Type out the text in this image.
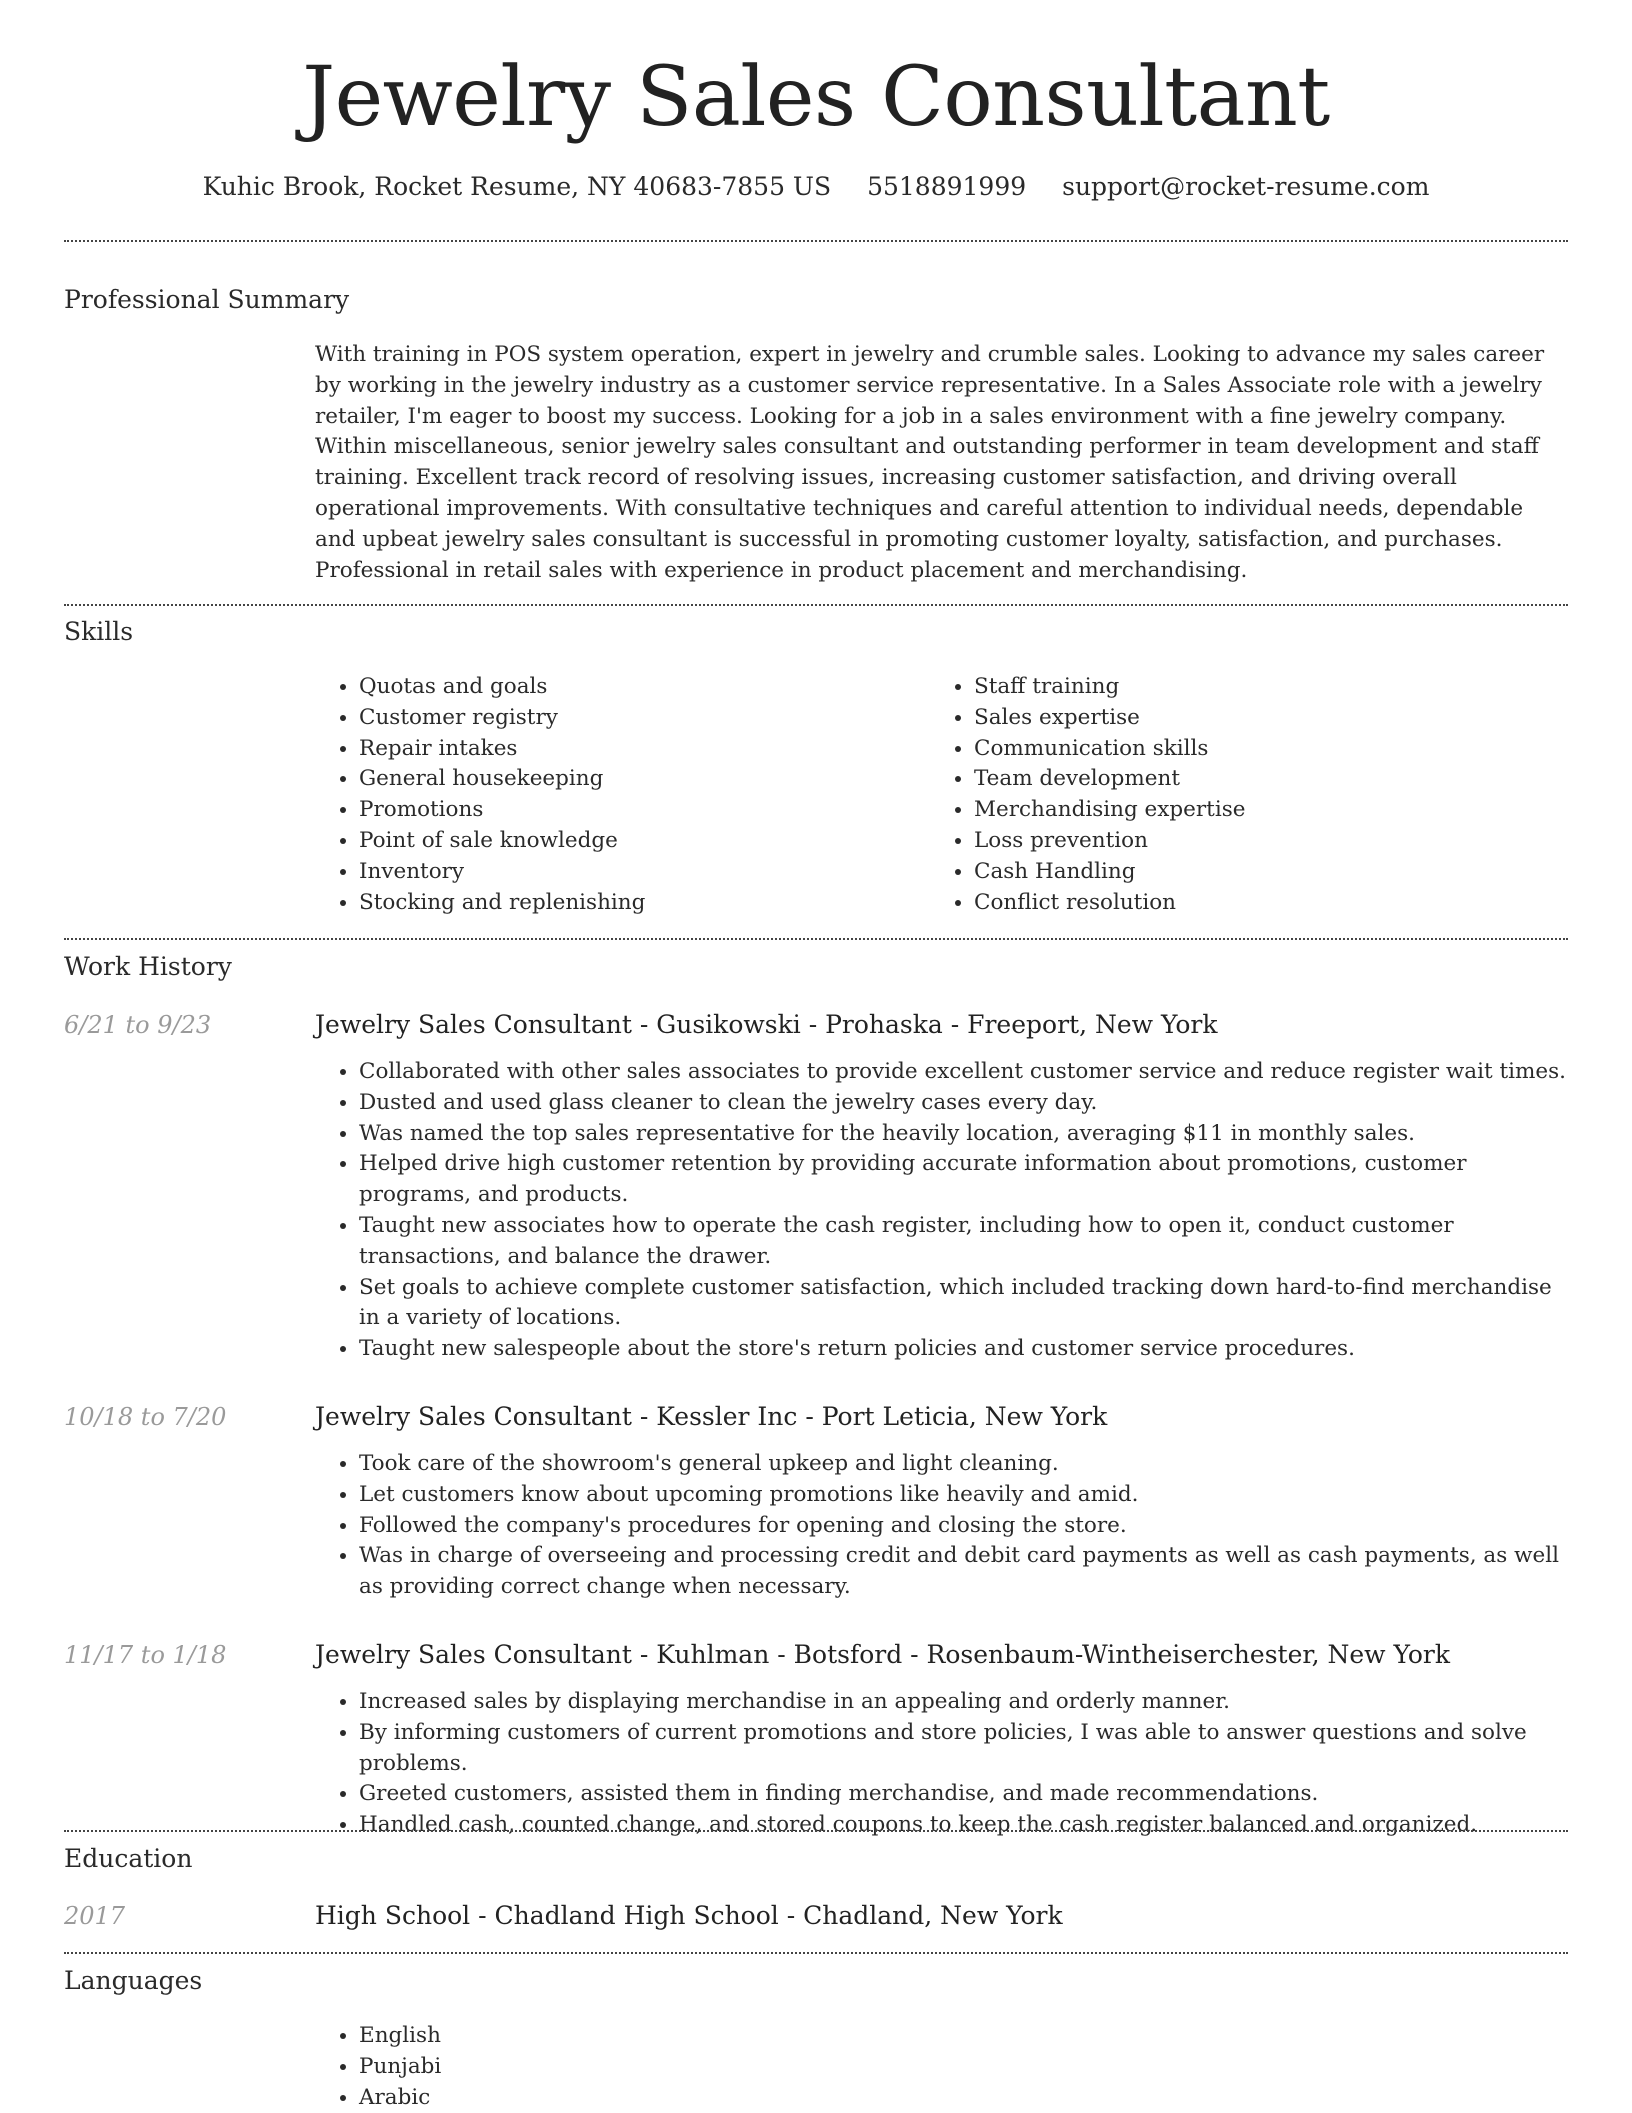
Jewelry Sales Consultant
Kuhic Brook, Rocket Resume, NY 40683-7855 US 5518891999 support@rocket-resume.com
Professional Summary

With training in POS system operation, expert in jewelry and crumble sales. Looking to advance my sales career by working in the jewelry industry as a customer service representative. In a Sales Associate role with a jewelry retailer, I'm eager to boost my success. Looking for a job in a sales environment with a fine jewelry company. Within miscellaneous, senior jewelry sales consultant and outstanding performer in team development and staff training. Excellent track record of resolving issues, increasing customer satisfaction, and driving overall operational improvements. With consultative techniques and careful attention to individual needs, dependable and upbeat jewelry sales consultant is successful in promoting customer loyalty, satisfaction, and purchases. Professional in retail sales with experience in product placement and merchandising.

Skills
• Quotas and goals
• Customer registry
• Repair intakes
• General housekeeping
• Promotions
• Point of sale knowledge
• Inventory
• Stocking and replenishing
• Staff training
• Sales expertise
• Communication skills
• Team development
• Merchandising expertise
• Loss prevention
• Cash Handling
• Conflict resolution
Work History
6/21 to 9/23	Jewelry Sales Consultant - Gusikowski - Prohaska - Freeport, New York
• Collaborated with other sales associates to provide excellent customer service and reduce register wait times.
• Dusted and used glass cleaner to clean the jewelry cases every day.
• Was named the top sales representative for the heavily location, averaging $11 in monthly sales.
• Helped drive high customer retention by providing accurate information about promotions, customer programs, and products.
• Taught new associates how to operate the cash register, including how to open it, conduct customer transactions, and balance the drawer.
• Set goals to achieve complete customer satisfaction, which included tracking down hard-to-find merchandise in a variety of locations.
• Taught new salespeople about the store's return policies and customer service procedures.
10/18 to 7/20	Jewelry Sales Consultant - Kessler Inc - Port Leticia, New York
• Took care of the showroom's general upkeep and light cleaning.
• Let customers know about upcoming promotions like heavily and amid.
• Followed the company's procedures for opening and closing the store.
• Was in charge of overseeing and processing credit and debit card payments as well as cash payments, as well as providing correct change when necessary.
11/17 to 1/18	Jewelry Sales Consultant - Kuhlman - Botsford - Rosenbaum-Wintheiserchester, New York
• Increased sales by displaying merchandise in an appealing and orderly manner.
• By informing customers of current promotions and store policies, I was able to answer questions and solve problems.
• Greeted customers, assisted them in finding merchandise, and made recommendations.
• Handled cash, counted change, and stored coupons to keep the cash register balanced and organized.
Education
2017	High School - Chadland High School - Chadland, New York
Languages
• English
• Punjabi
• Arabic
